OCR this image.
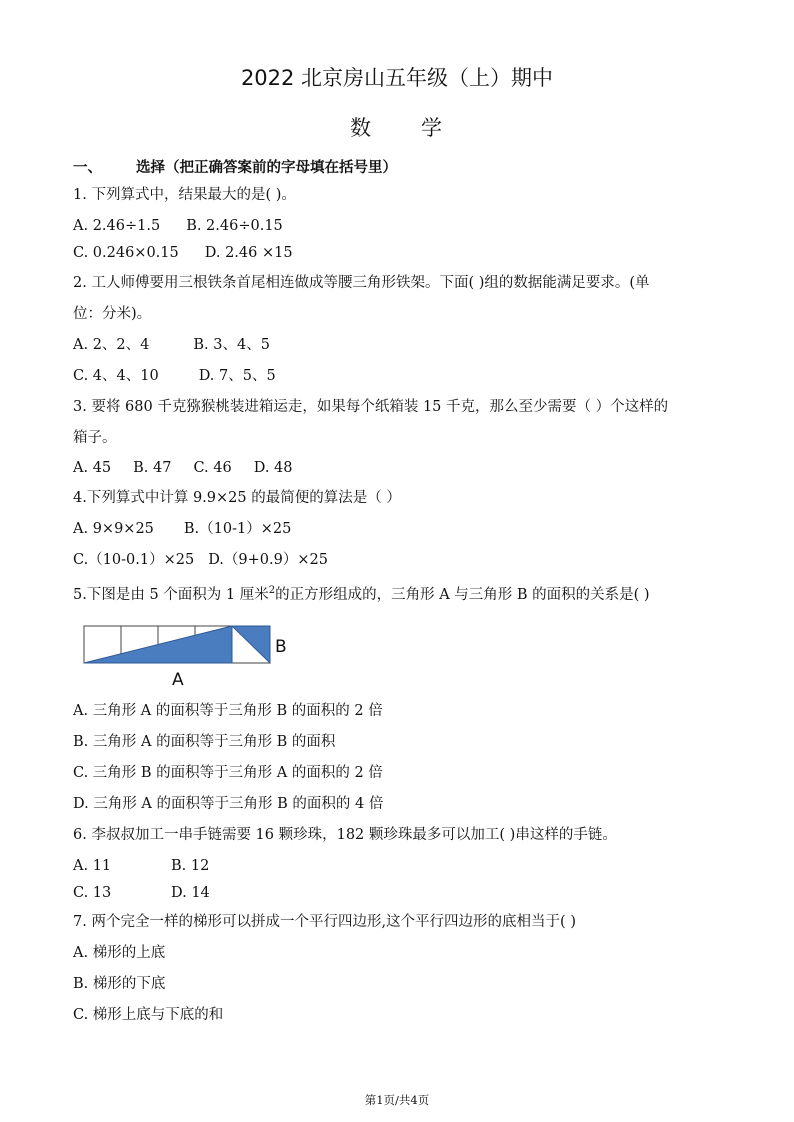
2022 北京房山五年级（上）期中
数 学
一、 选择（把正确答案前的字母填在括号里）
1. 下列算式中，结果最大的是( )。
A. 2.46÷1.5 B. 2.46÷0.15
C. 0.246×0.15 D. 2.46 ×15
2. 工人师傅要用三根铁条首尾相连做成等腰三角形铁架。下面( )组的数据能满足要求。(单
位：分米)。
A. 2、2、4	B. 3、4、5
C. 4、4、10	D. 7、5、5
3. 要将 680 千克猕猴桃装进箱运走，如果每个纸箱装 15 千克，那么至少需要（ ）个这样的
箱子。
A. 45 B. 47 C. 46 D. 48
4.下列算式中计算 9.9×25 的最简便的算法是（ ）
A. 9×9×25 B.（10-1）×25
C.（10-0.1）×25 D.（9+0.9）×25
5.下图是由 5 个面积为 1 厘米$^2$的正方形组成的，三角形 A 与三角形 B 的面积的关系是( )
B
A
A. 三角形 A 的面积等于三角形 B 的面积的 2 倍
B. 三角形 A 的面积等于三角形 B 的面积
C. 三角形 B 的面积等于三角形 A 的面积的 2 倍
D. 三角形 A 的面积等于三角形 B 的面积的 4 倍
6. 李叔叔加工一串手链需要 16 颗珍珠，182 颗珍珠最多可以加工( )串这样的手链。
A. 11	B. 12
C. 13	D. 14
7. 两个完全一样的梯形可以拼成一个平行四边形,这个平行四边形的底相当于( )
A. 梯形的上底
B. 梯形的下底
C. 梯形上底与下底的和
第1页/共4页
